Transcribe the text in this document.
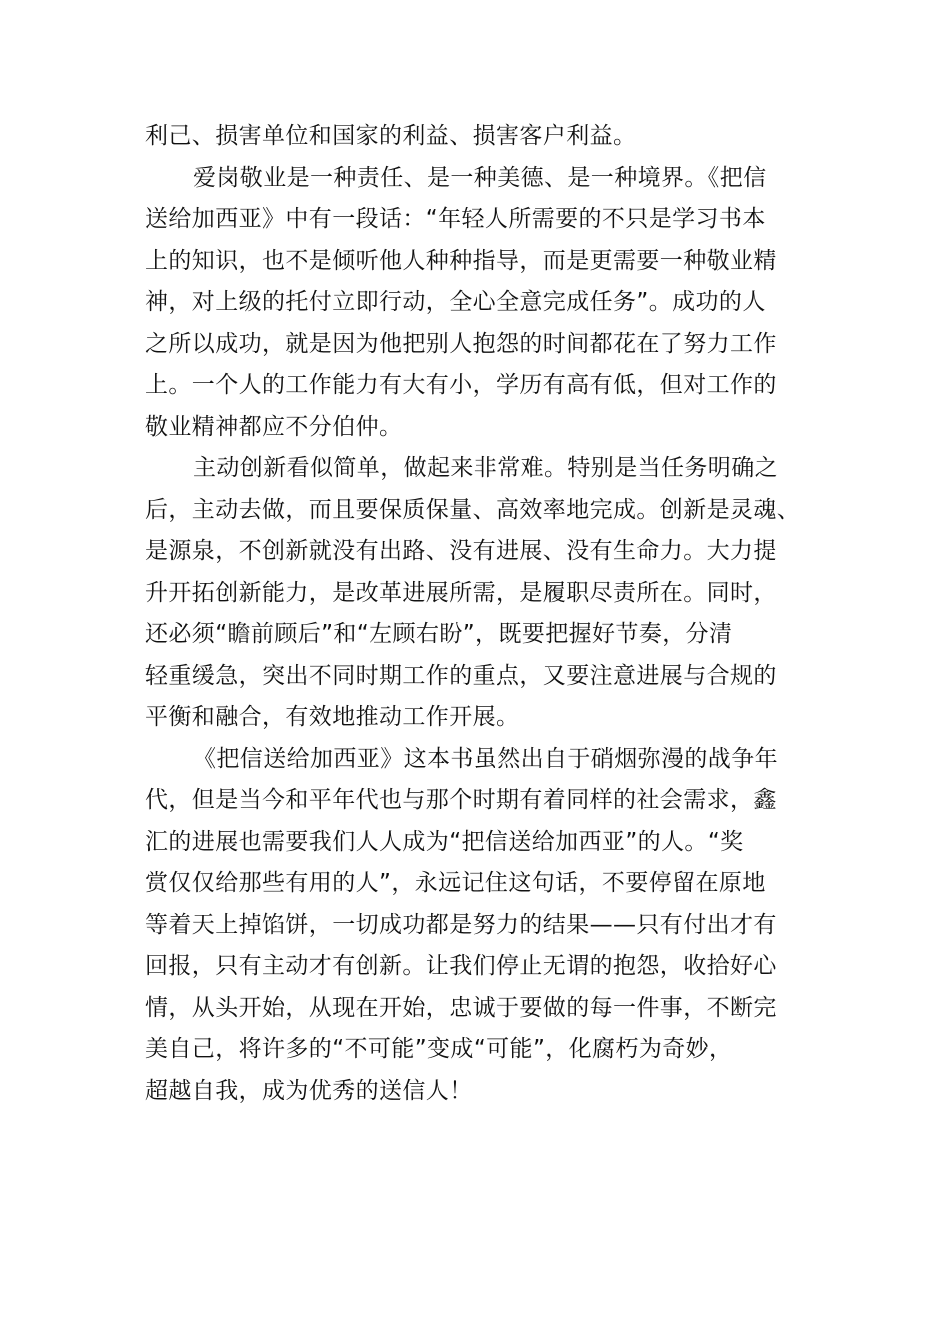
利己、损害单位和国家的利益、损害客户利益。
爱岗敬业是一种责任、是一种美德、是一种境界。《把信
送给加西亚》中有一段话：“年轻人所需要的不只是学习书本
上的知识，也不是倾听他人种种指导，而是更需要一种敬业精
神，对上级的托付立即行动，全心全意完成任务”。成功的人
之所以成功，就是因为他把别人抱怨的时间都花在了努力工作
上。一个人的工作能力有大有小，学历有高有低，但对工作的
敬业精神都应不分伯仲。
主动创新看似简单，做起来非常难。特别是当任务明确之
后，主动去做，而且要保质保量、高效率地完成。创新是灵魂、
是源泉，不创新就没有出路、没有进展、没有生命力。大力提
升开拓创新能力，是改革进展所需，是履职尽责所在。同时，
还必须“瞻前顾后”和“左顾右盼”，既要把握好节奏，分清
轻重缓急，突出不同时期工作的重点，又要注意进展与合规的
平衡和融合，有效地推动工作开展。
《把信送给加西亚》这本书虽然出自于硝烟弥漫的战争年
代，但是当今和平年代也与那个时期有着同样的社会需求，鑫
汇的进展也需要我们人人成为“把信送给加西亚”的人。“奖
赏仅仅给那些有用的人”，永远记住这句话，不要停留在原地
等着天上掉馅饼，一切成功都是努力的结果——只有付出才有
回报，只有主动才有创新。让我们停止无谓的抱怨，收拾好心
情，从头开始，从现在开始，忠诚于要做的每一件事，不断完
美自己，将许多的“不可能”变成“可能”，化腐朽为奇妙，
超越自我，成为优秀的送信人！
